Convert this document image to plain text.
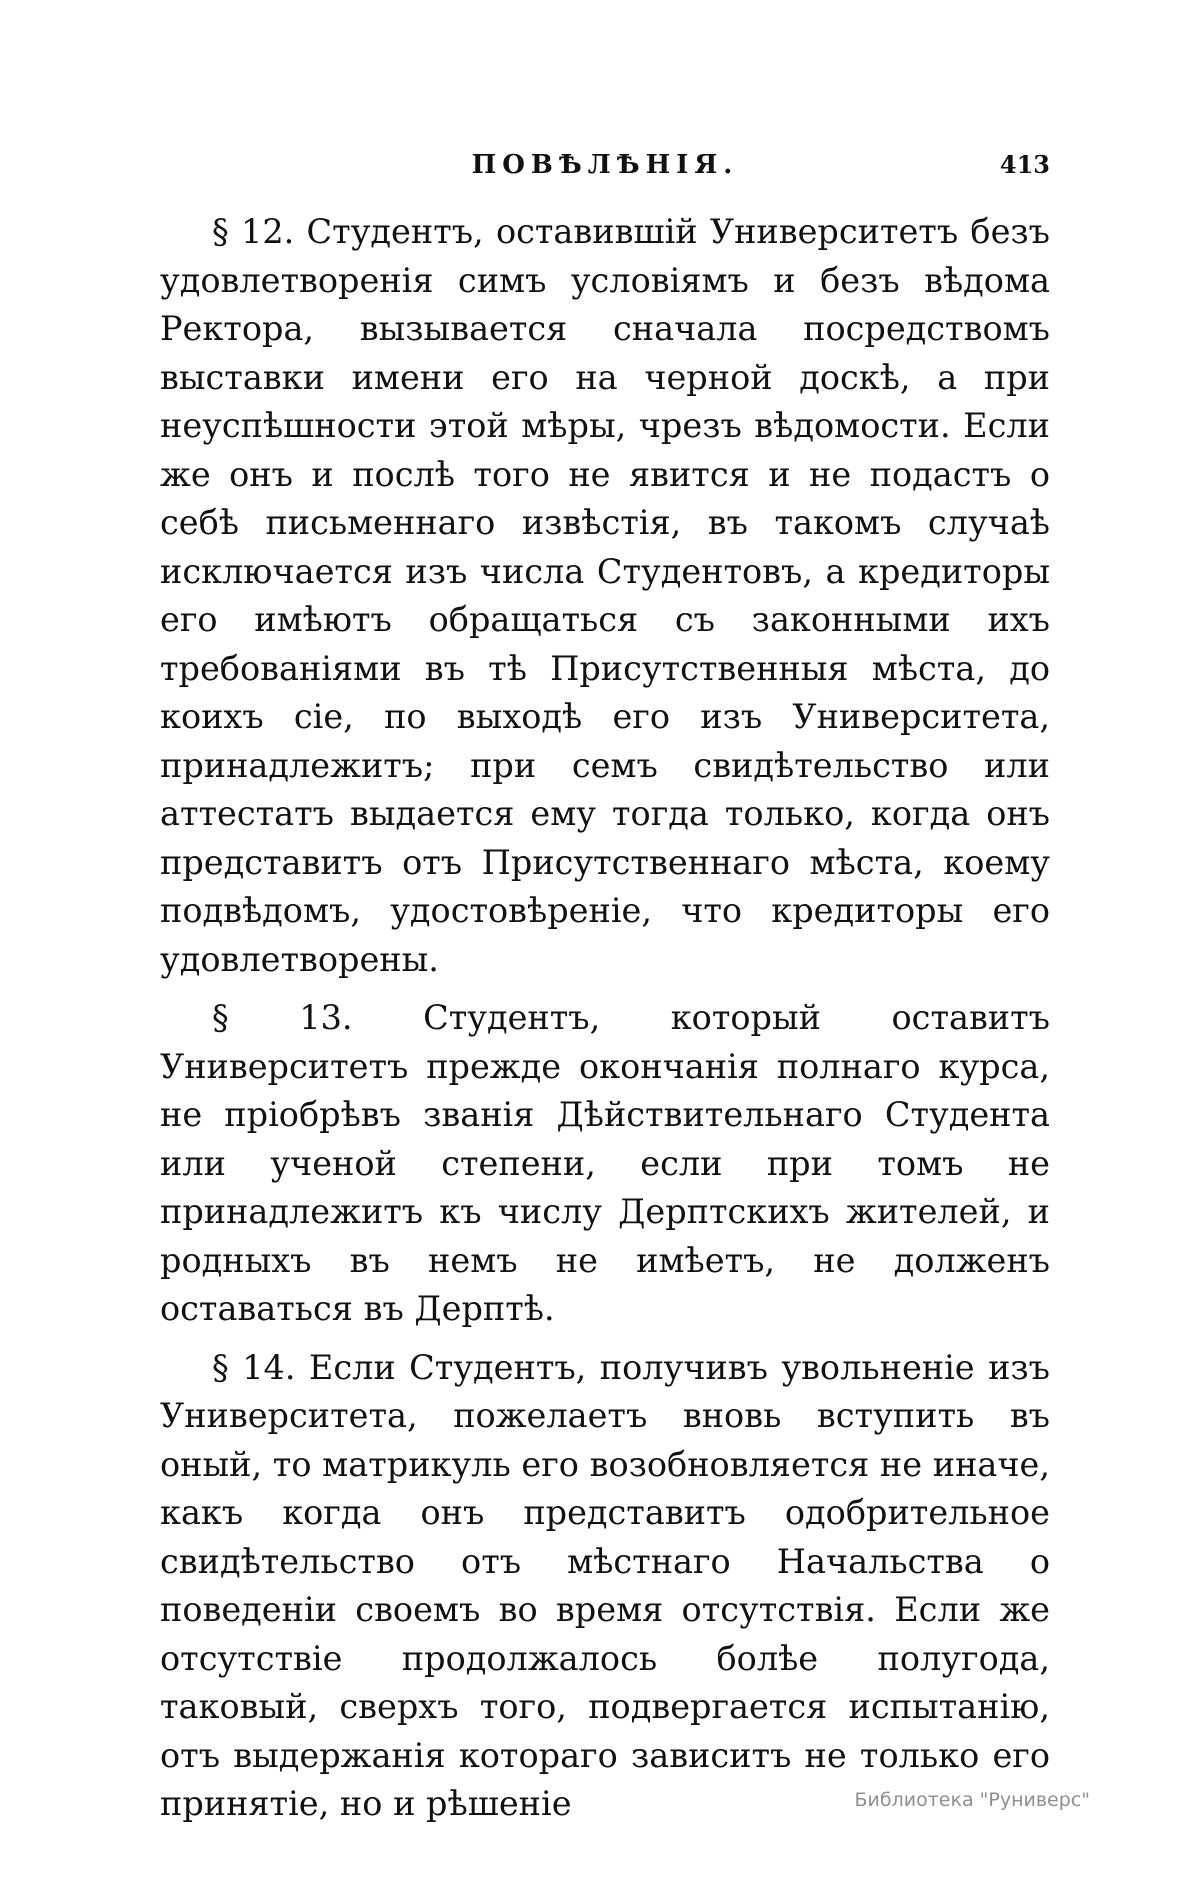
ПОВѢЛѢНІЯ.	413

§ 12. Студентъ, оставившій Университетъ безъ удовлетворенія симъ условіямъ и безъ вѣдома Ректора, вызывается сначала посредствомъ выставки имени его на черной доскѣ, а при неуспѣшности этой мѣры, чрезъ вѣдомости. Если же онъ и послѣ того не явится и не подастъ о себѣ письменнаго извѣстія, въ такомъ случаѣ исключается изъ числа Студентовъ, а кредиторы его имѣютъ обращаться съ законными ихъ требованіями въ тѣ Присутственныя мѣста, до коихъ сіе, по выходѣ его изъ Университета, принадлежитъ; при семъ свидѣтельство или аттестатъ выдается ему тогда только, когда онъ представитъ отъ Присутственнаго мѣста, коему подвѣдомъ, удостовѣреніе, что кредиторы его удовлетворены.

§ 13. Студентъ, который оставитъ Университетъ прежде окончанія полнаго курса, не пріобрѣвъ званія Дѣйствительнаго Студента или ученой степени, если при томъ не принадлежитъ къ числу Дерптскихъ жителей, и родныхъ въ немъ не имѣетъ, не долженъ оставаться въ Дерптѣ.

§ 14. Если Студентъ, получивъ увольненіе изъ Университета, пожелаетъ вновь вступить въ оный, то матрикуль его возобновляется не иначе, какъ когда онъ представитъ одобрительное свидѣтельство отъ мѣстнаго Начальства о поведеніи своемъ во время отсутствія. Если же отсутствіе продолжалось болѣе полугода, таковый, сверхъ того, подвергается испытанію, отъ выдержанія котораго зависитъ не только его принятіе, но и рѣшеніе	Библиотека "Руниверс"
